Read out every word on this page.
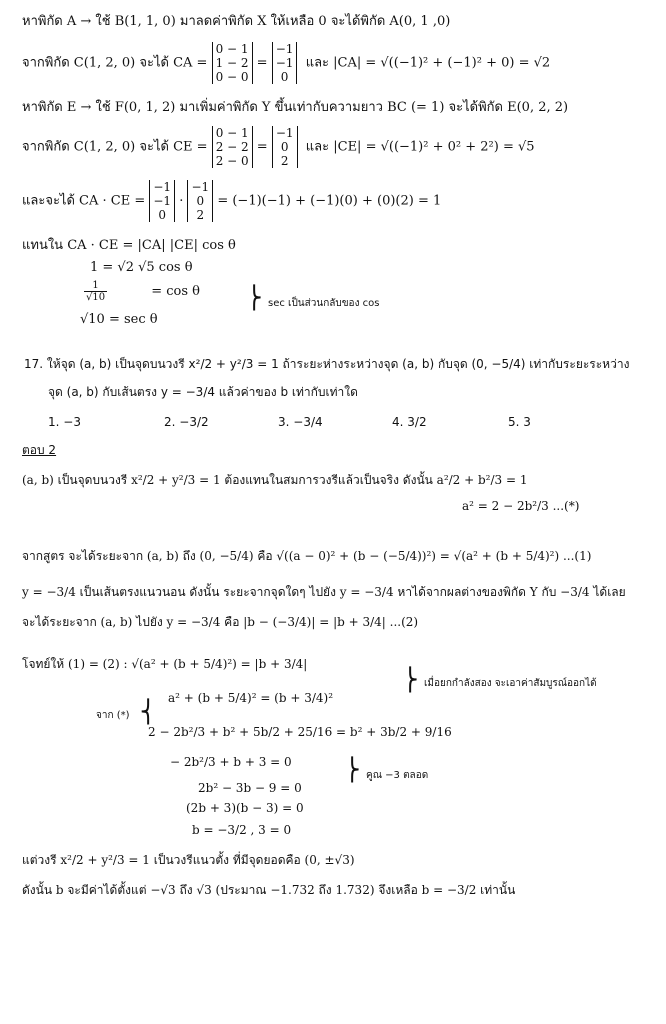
หาพิกัด A → ใช้ B(1, 1, 0) มาลดค่าพิกัด X ให้เหลือ 0 จะได้พิกัด A(0, 1 ,0)
จากพิกัด C(1, 2, 0) จะได้ CA =
0 − 1
1 − 2
0 − 0
=
−1
−1
0
และ |CA| = √((−1)² + (−1)² + 0) = √2
หาพิกัด E → ใช้ F(0, 1, 2) มาเพิ่มค่าพิกัด Y ขึ้นเท่ากับความยาว BC (= 1) จะได้พิกัด E(0, 2, 2)
จากพิกัด C(1, 2, 0) จะได้ CE =
0 − 1
2 − 2
2 − 0
=
−1
0
2
และ |CE| = √((−1)² + 0² + 2²) = √5
และจะได้ CA · CE =
−1
−1
0
·
−1
0
2
= (−1)(−1) + (−1)(0) + (0)(2) = 1
แทนใน CA · CE = |CA| |CE| cos θ
1 = √2 √5 cos θ
$\frac{1}{√10}$	= cos θ
√10 = sec θ
⎬ sec เป็นส่วนกลับของ cos
17. ให้จุด (a, b) เป็นจุดบนวงรี x²/2 + y²/3 = 1 ถ้าระยะห่างระหว่างจุด (a, b) กับจุด (0, −5/4) เท่ากับระยะระหว่าง
จุด (a, b) กับเส้นตรง y = −3/4 แล้วค่าของ b เท่ากับเท่าใด
1. −3	2. −3/2	3. −3/4	4. 3/2	5. 3
ตอบ 2
(a, b) เป็นจุดบนวงรี x²/2 + y²/3 = 1 ต้องแทนในสมการวงรีแล้วเป็นจริง ดังนั้น a²/2 + b²/3 = 1
a² = 2 − 2b²/3 ...(*)
จากสูตร จะได้ระยะจาก (a, b) ถึง (0, −5/4) คือ √((a − 0)² + (b − (−5/4))²) = √(a² + (b + 5/4)²) ...(1)
y = −3/4 เป็นเส้นตรงแนวนอน ดังนั้น ระยะจากจุดใดๆ ไปยัง y = −3/4 หาได้จากผลต่างของพิกัด Y กับ −3/4 ได้เลย
จะได้ระยะจาก (a, b) ไปยัง y = −3/4 คือ |b − (−3/4)| = |b + 3/4| ...(2)
โจทย์ให้ (1) = (2) : √(a² + (b + 5/4)²) = |b + 3/4|
⎬ เมื่อยกกำลังสอง จะเอาค่าสัมบูรณ์ออกได้
a² + (b + 5/4)² = (b + 3/4)²
จาก (*) ⎨
2 − 2b²/3 + b² + 5b/2 + 25/16 = b² + 3b/2 + 9/16
− 2b²/3 + b + 3 = 0 ⎬ คูณ −3 ตลอด
2b² − 3b − 9 = 0
(2b + 3)(b − 3) = 0
b = −3/2 , 3 = 0
แต่วงรี x²/2 + y²/3 = 1 เป็นวงรีแนวตั้ง ที่มีจุดยอดคือ (0, ±√3)
ดังนั้น b จะมีค่าได้ตั้งแต่ −√3 ถึง √3 (ประมาณ −1.732 ถึง 1.732) จึงเหลือ b = −3/2 เท่านั้น
